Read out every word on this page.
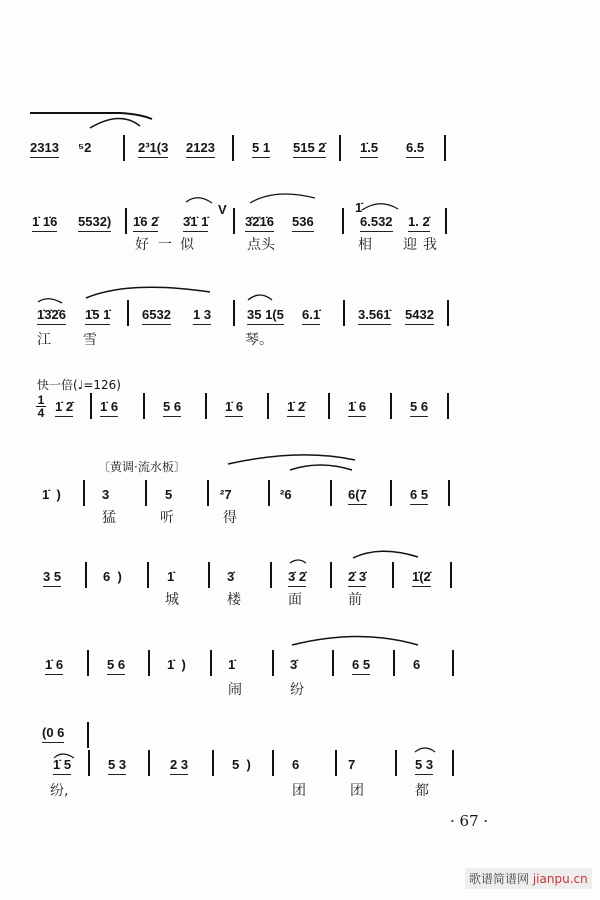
2313 ⁵2	2³1(3 2123	5 1 515 2̇	1̇.5 6.5
1̇ 1̇6 5532) 1̇6 2̇ 3̇1̇ 1̇
V
3̇2̇1̇6 536
1̇
6.532 1. 2̇
1̇3̇2̇6 1̇5 1̇ 6532 1 3	35 1(5 6.1̇	3.561̇ 5432
1̇ 2̇ 1̇ 6	5 6	1̇ 6	1̇ 2̇	1̇ 6	5 6
1̇  )	3	5	²7	²6	6(7	6 5
3 5	6  )	1̇	3̇	3̇ 2̇	2̇ 3̇	1̇(2̇
1̇ 6	5 6	1̇  )	1̇	3̇	6 5	6
(0 6
1̇ 5	5 3	2 3	5  )	6	7	5 3
好 一 似	点头	相 迎 我
江 雪	琴。
猛	听	得
城	楼	面	前
闹	纷
纷,	团	团	都
快一倍(♩=126)
〔黄调·流水板〕
1
4
· 67 ·
歌谱简谱网 jianpu.cn
